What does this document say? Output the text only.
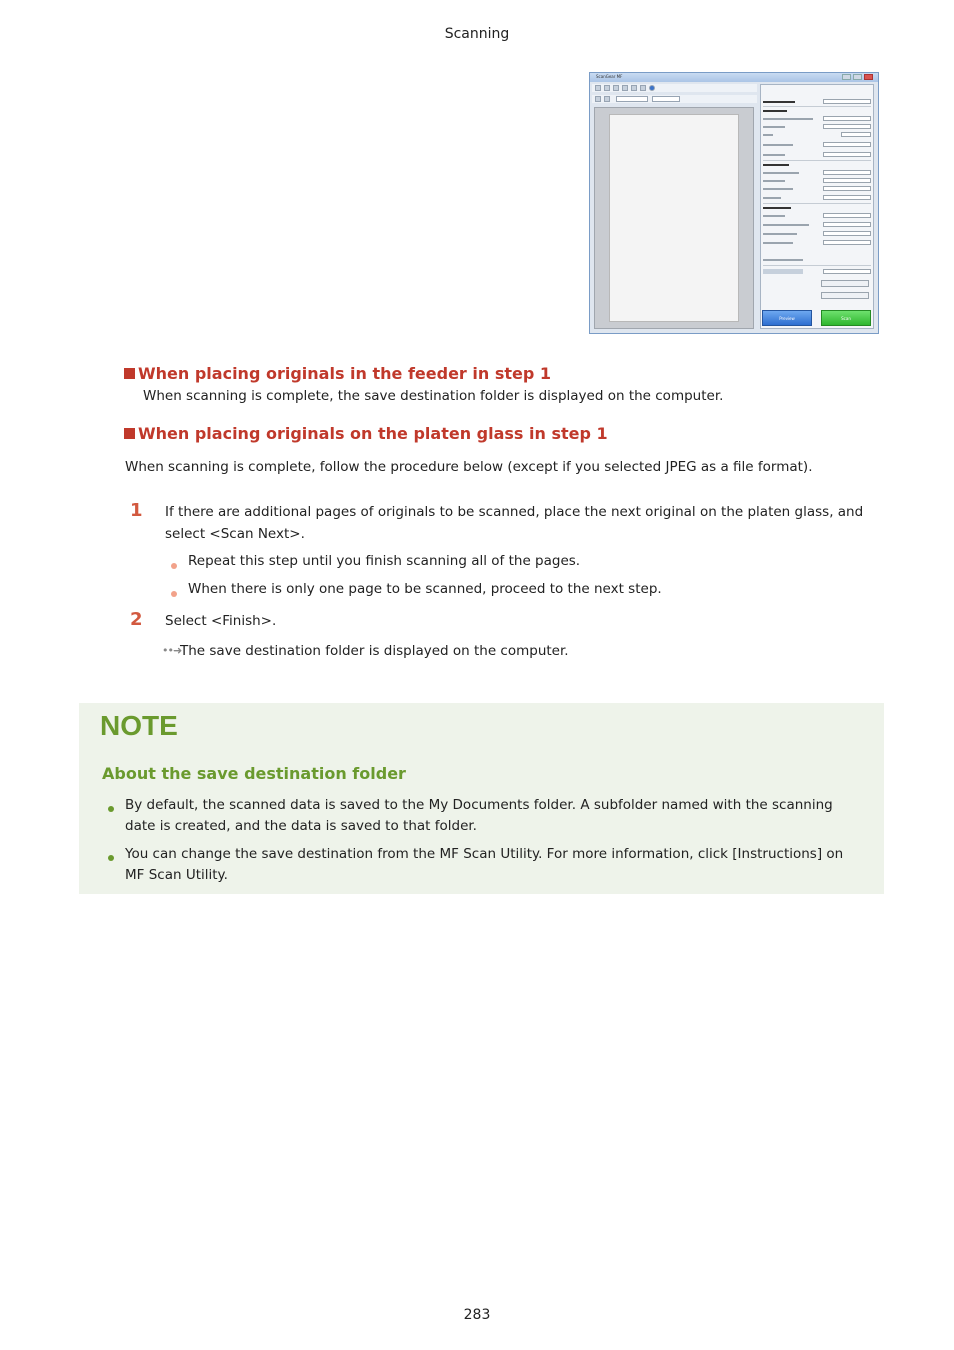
Scanning
ScanGear MF
Preview	Scan
When placing originals in the feeder in step 1
When scanning is complete, the save destination folder is displayed on the computer.
When placing originals on the platen glass in step 1
When scanning is complete, follow the procedure below (except if you selected JPEG as a file format).
1 If there are additional pages of originals to be scanned, place the next original on the platen glass, and
select <Scan Next>.
Repeat this step until you finish scanning all of the pages.
When there is only one page to be scanned, proceed to the next step.
2 Select <Finish>.
••➜
The save destination folder is displayed on the computer.
NOTE
About the save destination folder
By default, the scanned data is saved to the My Documents folder. A subfolder named with the scanning
date is created, and the data is saved to that folder.
You can change the save destination from the MF Scan Utility. For more information, click [Instructions] on
MF Scan Utility.
283
